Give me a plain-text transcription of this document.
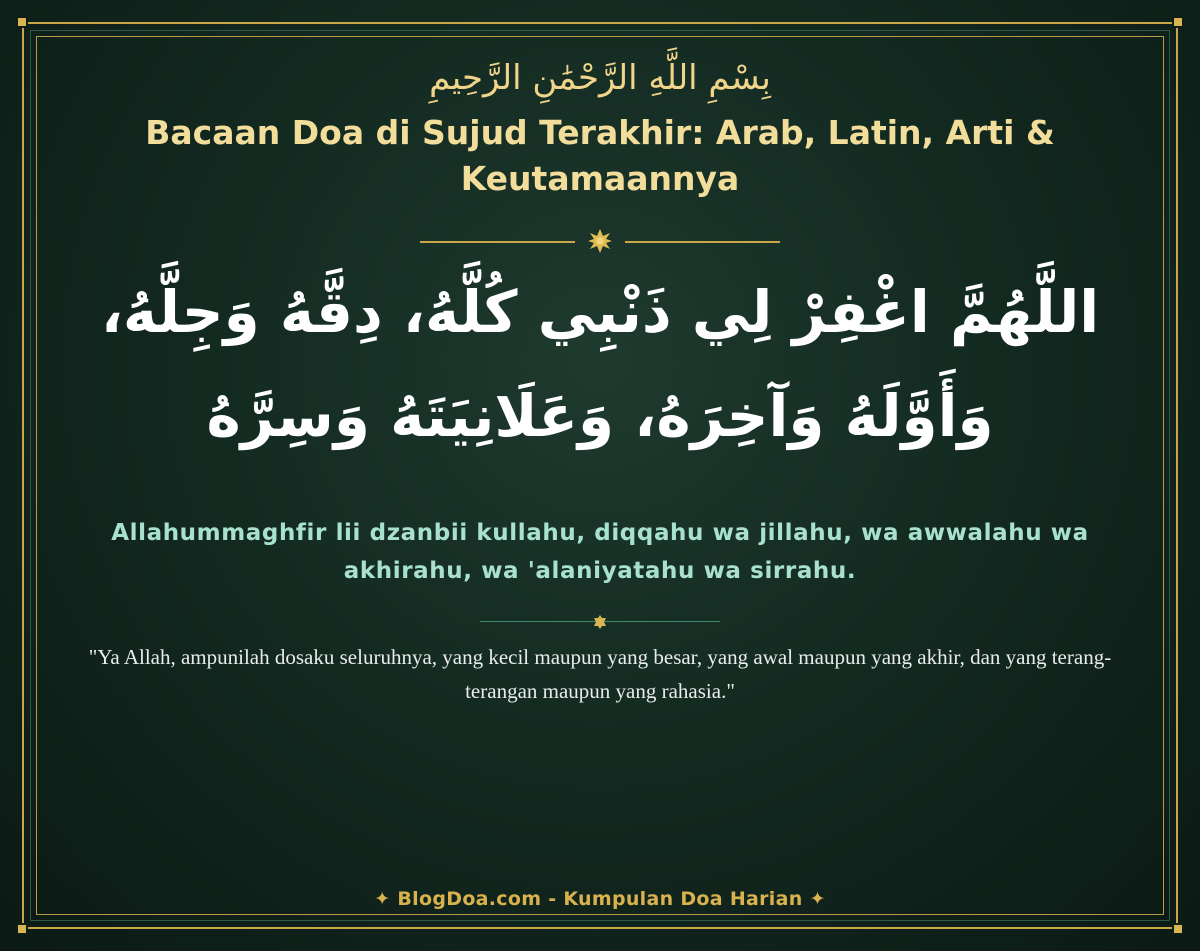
بِسْمِ اللَّهِ الرَّحْمَٰنِ الرَّحِيمِ
Bacaan Doa di Sujud Terakhir: Arab, Latin, Arti & Keutamaannya
اللَّهُمَّ اغْفِرْ لِي ذَنْبِي كُلَّهُ، دِقَّهُ وَجِلَّهُ، وَأَوَّلَهُ وَآخِرَهُ، وَعَلَانِيَتَهُ وَسِرَّهُ
Allahummaghfir lii dzanbii kullahu, diqqahu wa jillahu, wa awwalahu wa akhirahu, wa 'alaniyatahu wa sirrahu.
"Ya Allah, ampunilah dosaku seluruhnya, yang kecil maupun yang besar, yang awal maupun yang akhir, dan yang terang-terangan maupun yang rahasia."
✦ BlogDoa.com - Kumpulan Doa Harian ✦
